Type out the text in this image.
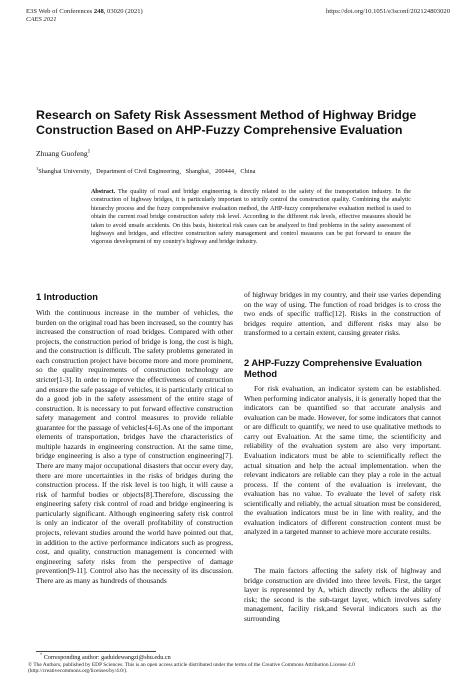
E3S Web of Conferences 248, 03020 (2021)
CAES 2021
https://doi.org/10.1051/e3sconf/202124803020
Research on Safety Risk Assessment Method of Highway Bridge Construction Based on AHP-Fuzzy Comprehensive Evaluation
Zhuang Guofeng$^1$
$^1$Shanghai University，Department of Civil Engineering，Shanghai，200444，China

Abstract. The quality of road and bridge engineering is directly related to the safety of the transportation industry. In the construction of highway bridges, it is particularly important to strictly control the construction quality. Combining the analytic hierarchy process and the fuzzy comprehensive evaluation method, the AHP-fuzzy comprehensive evaluation method is used to obtain the current road bridge construction safety risk level. According to the different risk levels, effective measures should be taken to avoid unsafe accidents. On this basis, historical risk cases can be analyzed to find problems in the safety assessment of highways and bridges, and effective construction safety management and control measures can be put forward to ensure the vigorous development of my country's highway and bridge industry.

1 Introduction

With the continuous increase in the number of vehicles, the burden on the original road has been increased, so the country has increased the construction of road bridges. Compared with other projects, the construction period of bridge is long, the cost is high, and the construction is difficult. The safety problems generated in each construction project have become more and more prominent, so the quality requirements of construction technology are stricter[1-3]. In order to improve the effectiveness of construction and ensure the safe passage of vehicles, it is particularly critical to do a good job in the safety assessment of the entire stage of construction. It is necessary to put forward effective construction safety management and control measures to provide reliable guarantee for the passage of vehicles[4-6].As one of the important elements of transportation, bridges have the characteristics of multiple hazards in engineering construction. At the same time, bridge engineering is also a type of construction engineering[7]. There are many major occupational disasters that occur every day, there are more uncertainties in the risks of bridges during the construction process. If the risk level is too high, it will cause a risk of harmful bodies or objects[8].Therefore, discussing the engineering safety risk control of road and bridge engineering is particularly significant. Although engineering safety risk control is only an indicator of the overall profitability of construction projects, relevant studies around the world have pointed out that, in addition to the active performance indicators such as progress, cost, and quality, construction management is concerned with engineering safety risks from the perspective of damage prevention[9-11]. Control also has the necessity of its discussion. There are as many as hundreds of thousands

of highway bridges in my country, and their use varies depending on the way of using. The function of road bridges is to cross the two ends of specific traffic[12]. Risks in the construction of bridges require attention, and different risks may also be transformed to a certain extent, causing greater risks.

2 AHP-Fuzzy Comprehensive Evaluation Method

For risk evaluation, an indicator system can be established. When performing indicator analysis, it is generally hoped that the indicators can be quantified so that accurate analysis and evaluation can be made. However, for some indicators that cannot or are difficult to quantify, we need to use qualitative methods to carry out Evaluation. At the same time, the scientificity and reliability of the evaluation system are also very important. Evaluation indicators must be able to scientifically reflect the actual situation and help the actual implementation. when the relevant indicators are reliable can they play a role in the actual process. If the content of the evaluation is irrelevant, the evaluation has no value. To evaluate the level of safety risk scientifically and reliably, the actual situation must be considered, the evaluation indicators must be in line with reality, and the evaluation indicators of different construction content must be analyzed in a targeted manner to achieve more accurate results.

The main factors affecting the safety risk of highway and bridge construction are divided into three levels. First, the target layer is represented by A, which directly reflects the ability of risk; the second is the sub-target layer, which involves safety management, facility risk,and Several indicators such as the surrounding

* Corresponding author: gaduidewangzi@shu.edu.cn

© The Authors, published by EDP Sciences. This is an open access article distributed under the terms of the Creative Commons Attribution License 4.0 (http://creativecommons.org/licenses/by/4.0/).
